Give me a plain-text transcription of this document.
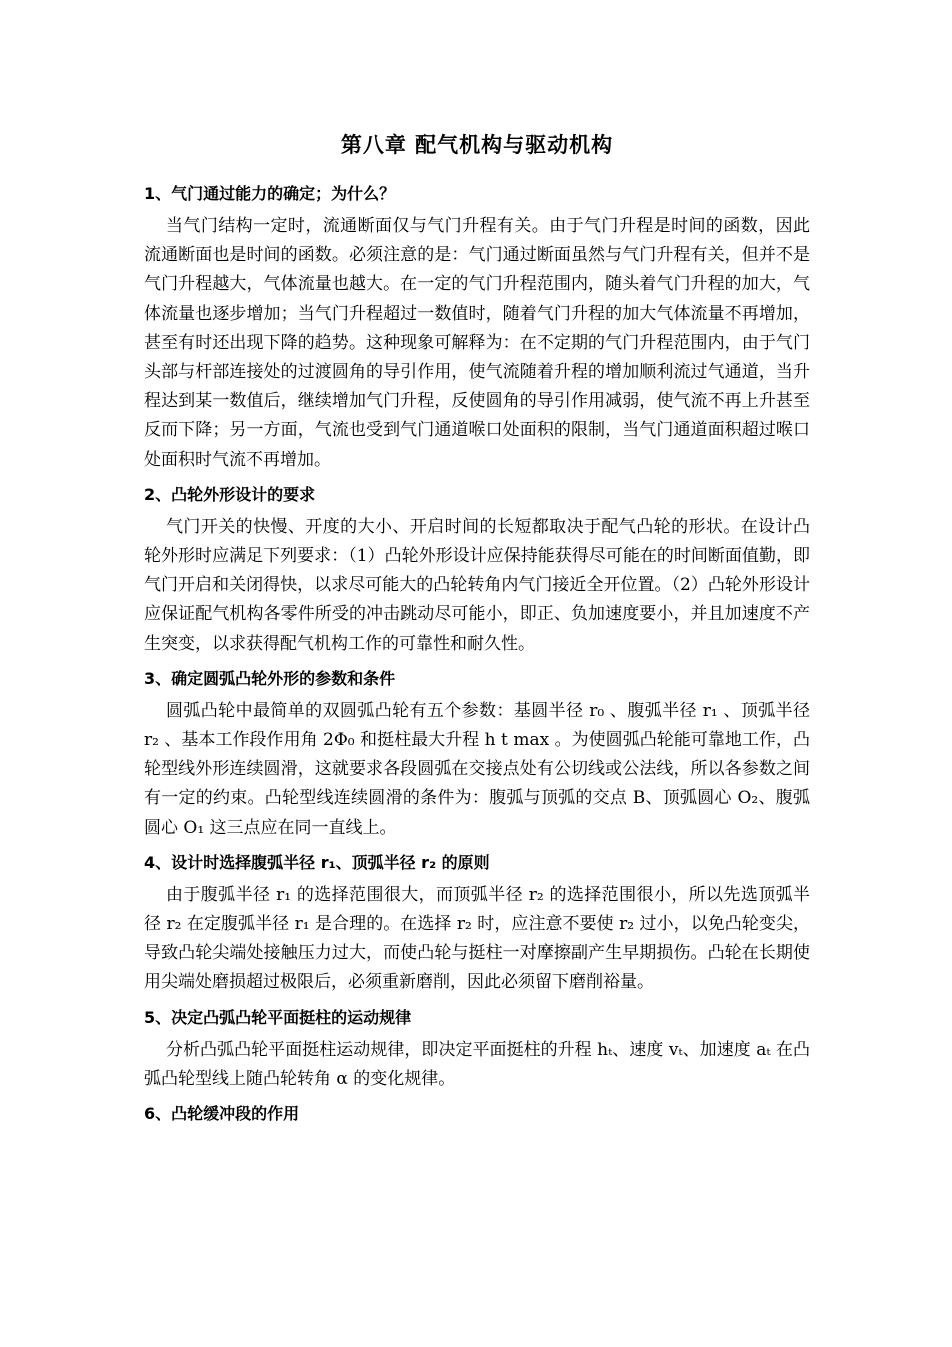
第八章 配气机构与驱动机构
1、气门通过能力的确定；为什么？
当气门结构一定时，流通断面仅与气门升程有关。由于气门升程是时间的函数，因此流通断面也是时间的函数。必须注意的是：气门通过断面虽然与气门升程有关，但并不是气门升程越大，气体流量也越大。在一定的气门升程范围内，随头着气门升程的加大，气体流量也逐步增加；当气门升程超过一数值时，随着气门升程的加大气体流量不再增加，甚至有时还出现下降的趋势。这种现象可解释为：在不定期的气门升程范围内，由于气门头部与杆部连接处的过渡圆角的导引作用，使气流随着升程的增加顺利流过气通道，当升程达到某一数值后，继续增加气门升程，反使圆角的导引作用减弱，使气流不再上升甚至反而下降；另一方面，气流也受到气门通道喉口处面积的限制，当气门通道面积超过喉口处面积时气流不再增加。
2、凸轮外形设计的要求
气门开关的快慢、开度的大小、开启时间的长短都取决于配气凸轮的形状。在设计凸轮外形时应满足下列要求：（1）凸轮外形设计应保持能获得尽可能在的时间断面值勤，即气门开启和关闭得快，以求尽可能大的凸轮转角内气门接近全开位置。（2）凸轮外形设计应保证配气机构各零件所受的冲击跳动尽可能小，即正、负加速度要小，并且加速度不产生突变，以求获得配气机构工作的可靠性和耐久性。
3、确定圆弧凸轮外形的参数和条件
圆弧凸轮中最简单的双圆弧凸轮有五个参数：基圆半径 r₀ 、腹弧半径 r₁ 、顶弧半径 r₂ 、基本工作段作用角 2Φ₀ 和挺柱最大升程 h t max 。为使圆弧凸轮能可靠地工作，凸轮型线外形连续圆滑，这就要求各段圆弧在交接点处有公切线或公法线，所以各参数之间有一定的约束。凸轮型线连续圆滑的条件为：腹弧与顶弧的交点 B、顶弧圆心 O₂、腹弧圆心 O₁ 这三点应在同一直线上。
4、设计时选择腹弧半径 r₁、顶弧半径 r₂ 的原则
由于腹弧半径 r₁ 的选择范围很大，而顶弧半径 r₂ 的选择范围很小，所以先选顶弧半径 r₂ 在定腹弧半径 r₁ 是合理的。在选择 r₂ 时，应注意不要使 r₂ 过小，以免凸轮变尖，导致凸轮尖端处接触压力过大，而使凸轮与挺柱一对摩擦副产生早期损伤。凸轮在长期使用尖端处磨损超过极限后，必须重新磨削，因此必须留下磨削裕量。
5、决定凸弧凸轮平面挺柱的运动规律
分析凸弧凸轮平面挺柱运动规律，即决定平面挺柱的升程 hₜ、速度 vₜ、加速度 aₜ 在凸弧凸轮型线上随凸轮转角 α 的变化规律。
6、凸轮缓冲段的作用
